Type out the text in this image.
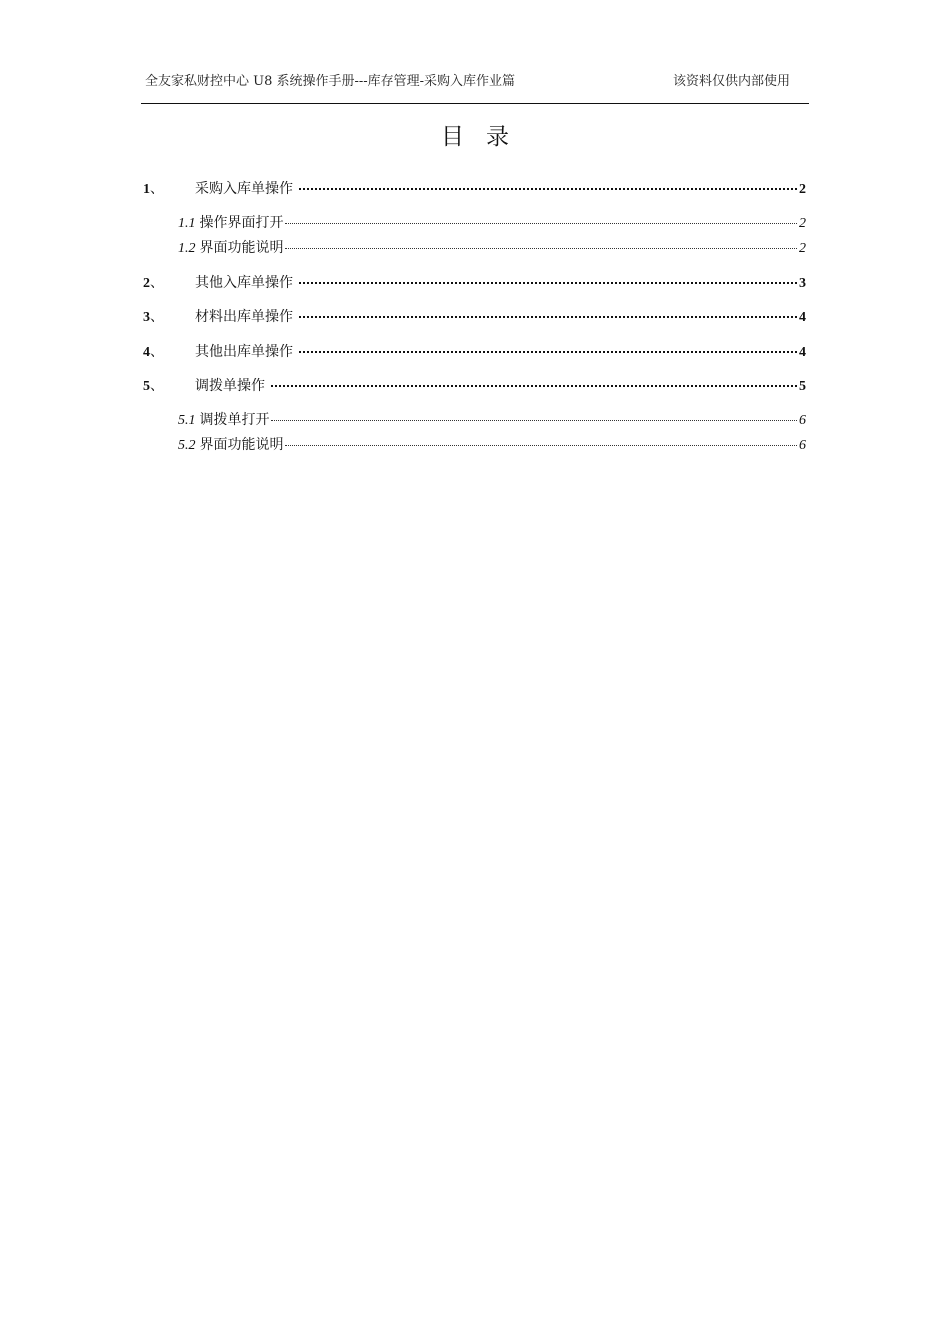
全友家私财控中心 U8 系统操作手册---库存管理-采购入库作业篇	该资料仅供内部使用
目录
1、	采购入库单操作	2
1.1 操作界面打开	2
1.2 界面功能说明	2
2、	其他入库单操作	3
3、	材料出库单操作	4
4、	其他出库单操作	4
5、	调拨单操作	5
5.1 调拨单打开	6
5.2 界面功能说明	6
